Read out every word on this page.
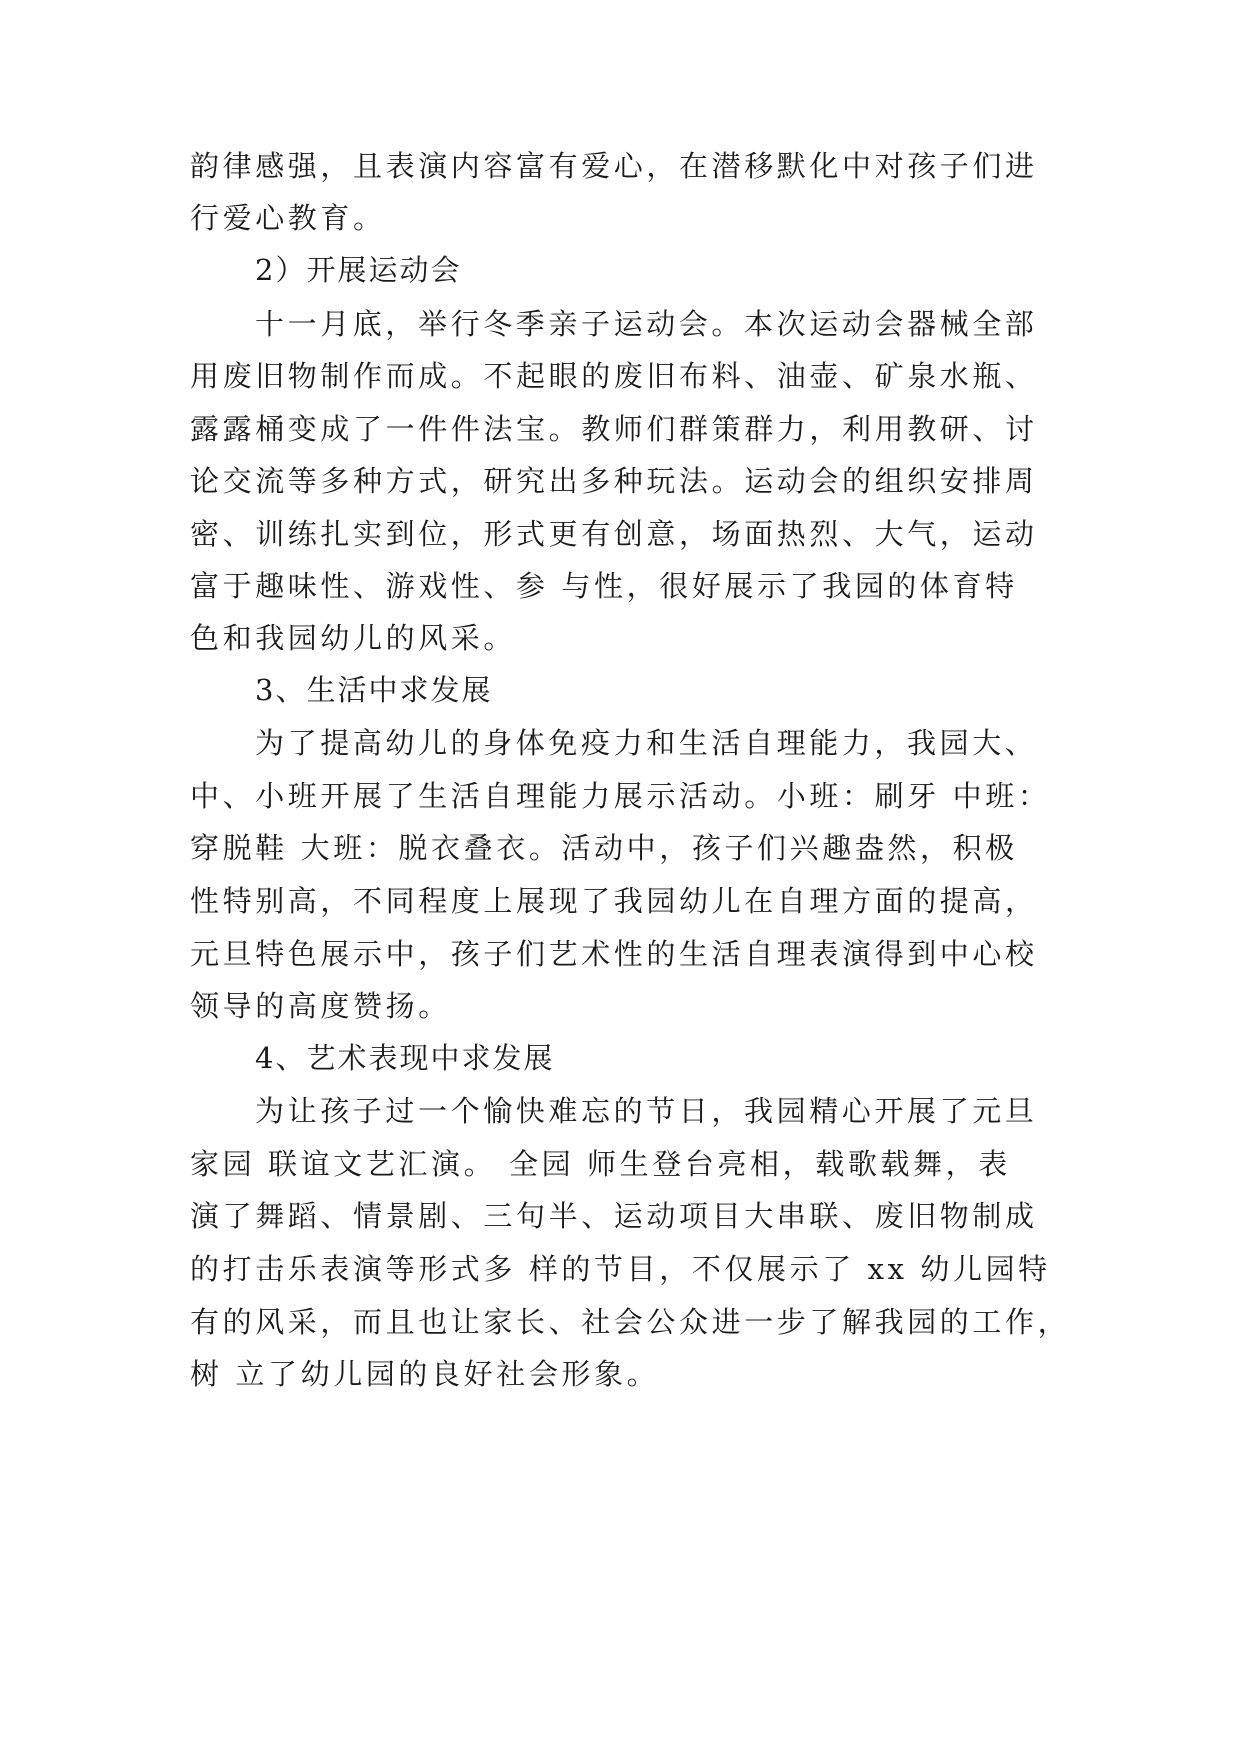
韵律感强，且表演内容富有爱心，在潜移默化中对孩子们进
行爱心教育。
2）开展运动会
十一月底，举行冬季亲子运动会。本次运动会器械全部
用废旧物制作而成。不起眼的废旧布料、油壶、矿泉水瓶、
露露桶变成了一件件法宝。教师们群策群力，利用教研、讨
论交流等多种方式，研究出多种玩法。运动会的组织安排周
密、训练扎实到位，形式更有创意，场面热烈、大气，运动
富于趣味性、游戏性、参 与性，很好展示了我园的体育特
色和我园幼儿的风采。
3、生活中求发展
为了提高幼儿的身体免疫力和生活自理能力，我园大、
中、小班开展了生活自理能力展示活动。小班：刷牙 中班：
穿脱鞋 大班：脱衣叠衣。活动中，孩子们兴趣盎然，积极
性特别高，不同程度上展现了我园幼儿在自理方面的提高，
元旦特色展示中，孩子们艺术性的生活自理表演得到中心校
领导的高度赞扬。
4、艺术表现中求发展
为让孩子过一个愉快难忘的节日，我园精心开展了元旦
家园 联谊文艺汇演。 全园 师生登台亮相，载歌载舞，表
演了舞蹈、情景剧、三句半、运动项目大串联、废旧物制成
的打击乐表演等形式多 样的节目，不仅展示了 xx 幼儿园特
有的风采，而且也让家长、社会公众进一步了解我园的工作，
树 立了幼儿园的良好社会形象。
